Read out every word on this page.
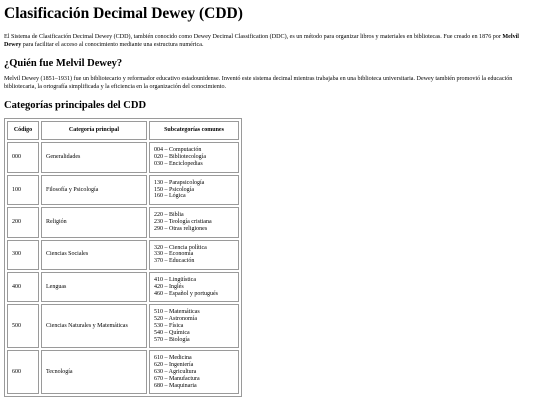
Clasificación Decimal Dewey (CDD)

El Sistema de Clasificación Decimal Dewey (CDD), también conocido como Dewey Decimal Classification (DDC), es un método para organizar libros y materiales en bibliotecas. Fue creado en 1876 por Melvil Dewey para facilitar el acceso al conocimiento mediante una estructura numérica.

¿Quién fue Melvil Dewey?

Melvil Dewey (1851–1931) fue un bibliotecario y reformador educativo estadounidense. Inventó este sistema decimal mientras trabajaba en una biblioteca universitaria. Dewey también promovió la educación bibliotecaria, la ortografía simplificada y la eficiencia en la organización del conocimiento.

Categorías principales del CDD
Código	Categoría principal	Subcategorías comunes
000	Generalidades	004 – Computación
020 – Bibliotecología
030 – Enciclopedias

100	Filosofía y Psicología	130 – Parapsicología
150 – Psicología
160 – Lógica

200	Religión	220 – Biblia
230 – Teología cristiana
290 – Otras religiones

300	Ciencias Sociales	320 – Ciencia política
330 – Economía
370 – Educación

400	Lenguas	410 – Lingüística
420 – Inglés
460 – Español y portugués

500	Ciencias Naturales y Matemáticas	510 – Matemáticas
520 – Astronomía
530 – Física
540 – Química
570 – Biología

600	Tecnología	610 – Medicina
620 – Ingeniería
630 – Agricultura
670 – Manufactura
680 – Maquinaria
